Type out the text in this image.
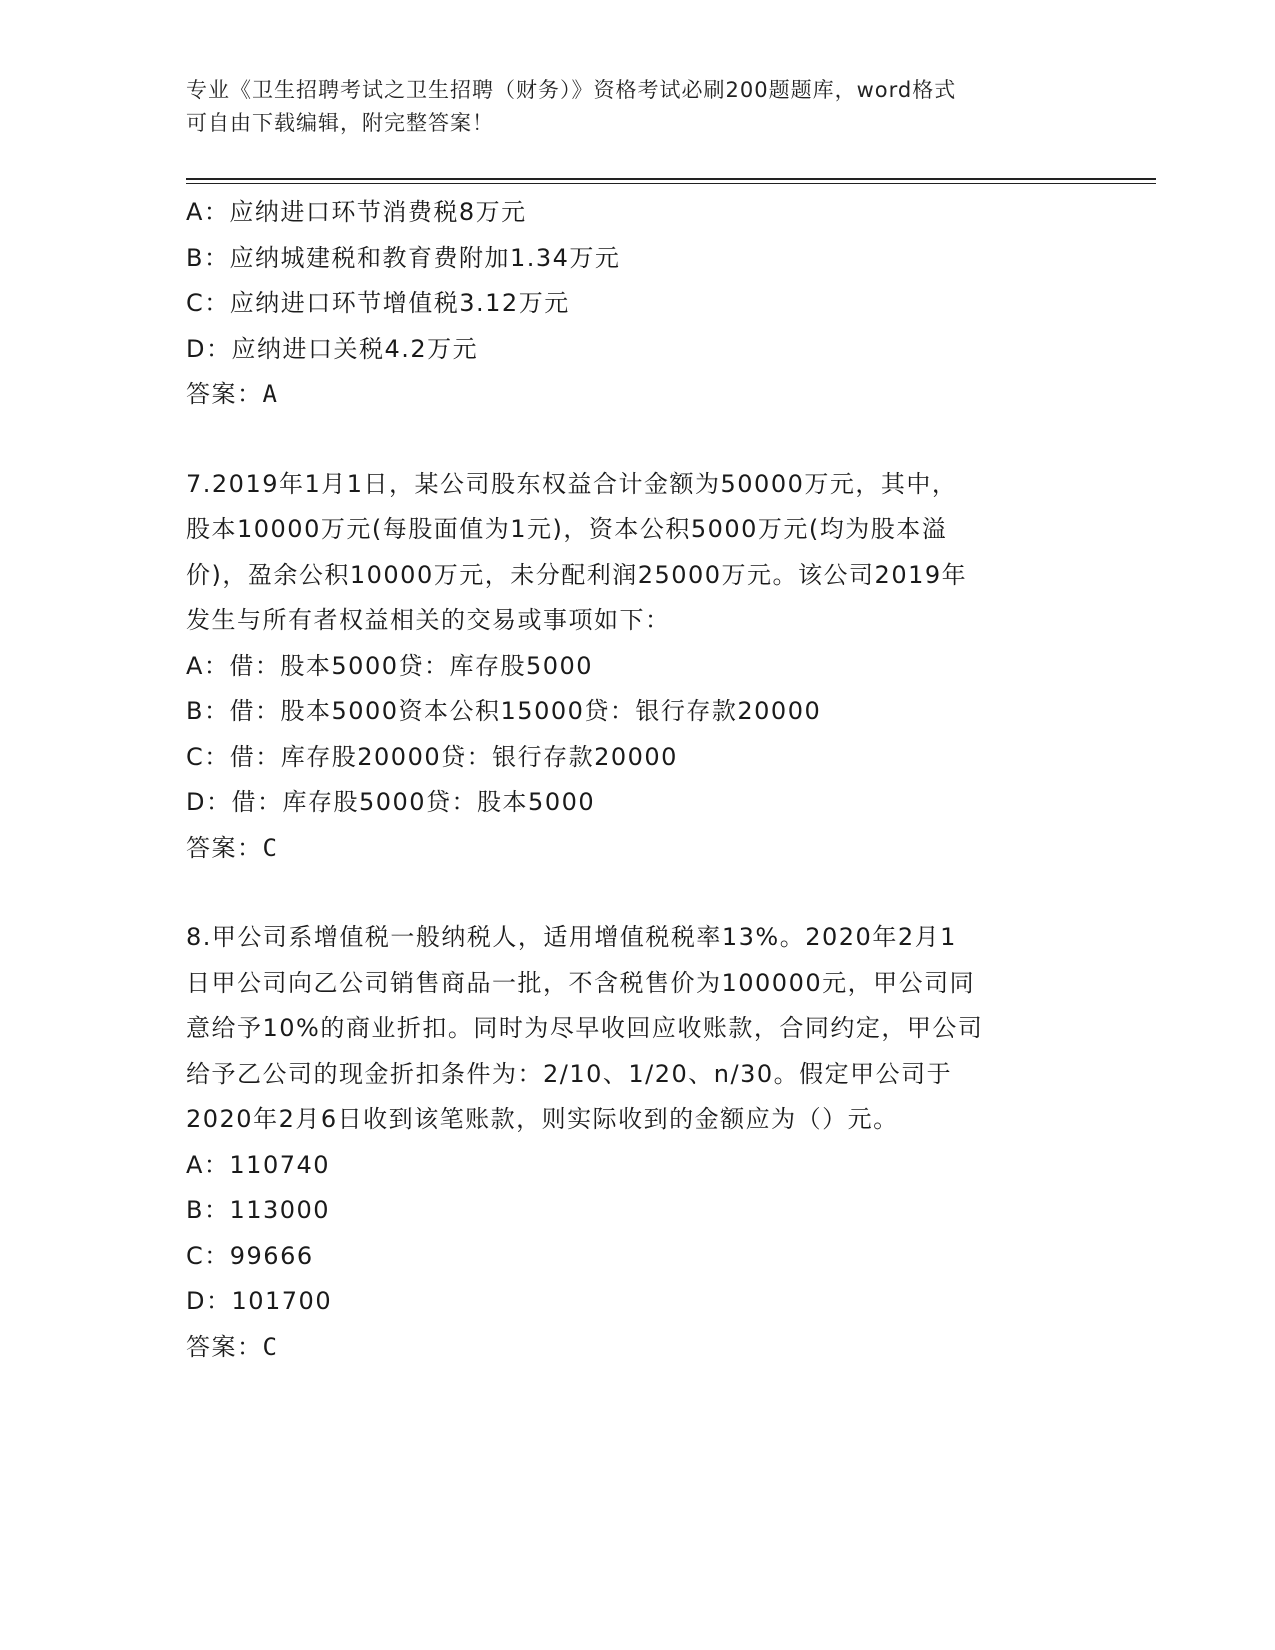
专业《卫生招聘考试之卫生招聘（财务）》资格考试必刷200题题库，word格式
可自由下载编辑，附完整答案！
A：应纳进口环节消费税8万元
B：应纳城建税和教育费附加1.34万元
C：应纳进口环节增值税3.12万元
D：应纳进口关税4.2万元
答案：A
7.2019年1月1日，某公司股东权益合计金额为50000万元，其中，
股本10000万元(每股面值为1元)，资本公积5000万元(均为股本溢
价)，盈余公积10000万元，未分配利润25000万元。该公司2019年
发生与所有者权益相关的交易或事项如下：
A：借：股本5000贷：库存股5000
B：借：股本5000资本公积15000贷：银行存款20000
C：借：库存股20000贷：银行存款20000
D：借：库存股5000贷：股本5000
答案：C
8.甲公司系增值税一般纳税人，适用增值税税率13%。2020年2月1
日甲公司向乙公司销售商品一批，不含税售价为100000元，甲公司同
意给予10%的商业折扣。同时为尽早收回应收账款，合同约定，甲公司
给予乙公司的现金折扣条件为：2/10、1/20、n/30。假定甲公司于
2020年2月6日收到该笔账款，则实际收到的金额应为（）元。
A：110740
B：113000
C：99666
D：101700
答案：C
